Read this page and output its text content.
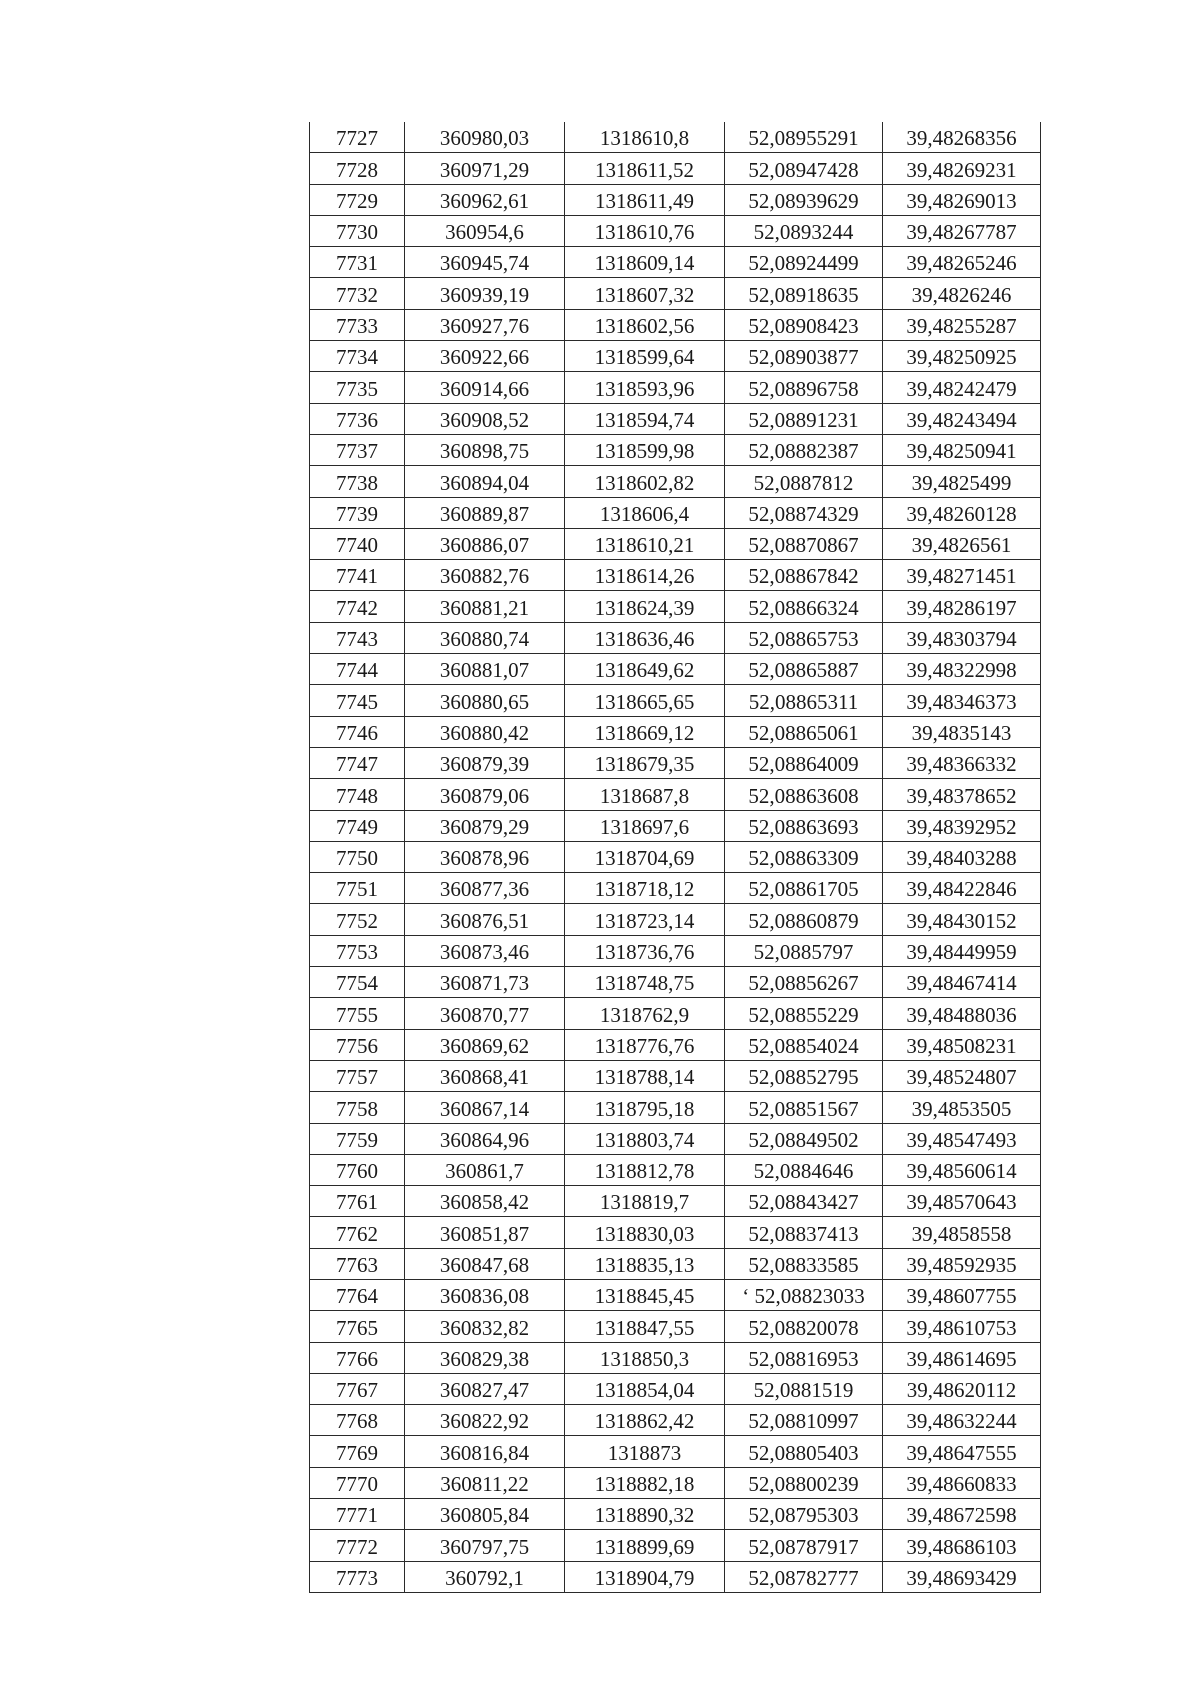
7727	360980,03	1318610,8	52,08955291	39,48268356
7728	360971,29	1318611,52	52,08947428	39,48269231
7729	360962,61	1318611,49	52,08939629	39,48269013
7730	360954,6	1318610,76	52,0893244	39,48267787
7731	360945,74	1318609,14	52,08924499	39,48265246
7732	360939,19	1318607,32	52,08918635	39,4826246
7733	360927,76	1318602,56	52,08908423	39,48255287
7734	360922,66	1318599,64	52,08903877	39,48250925
7735	360914,66	1318593,96	52,08896758	39,48242479
7736	360908,52	1318594,74	52,08891231	39,48243494
7737	360898,75	1318599,98	52,08882387	39,48250941
7738	360894,04	1318602,82	52,0887812	39,4825499
7739	360889,87	1318606,4	52,08874329	39,48260128
7740	360886,07	1318610,21	52,08870867	39,4826561
7741	360882,76	1318614,26	52,08867842	39,48271451
7742	360881,21	1318624,39	52,08866324	39,48286197
7743	360880,74	1318636,46	52,08865753	39,48303794
7744	360881,07	1318649,62	52,08865887	39,48322998
7745	360880,65	1318665,65	52,08865311	39,48346373
7746	360880,42	1318669,12	52,08865061	39,4835143
7747	360879,39	1318679,35	52,08864009	39,48366332
7748	360879,06	1318687,8	52,08863608	39,48378652
7749	360879,29	1318697,6	52,08863693	39,48392952
7750	360878,96	1318704,69	52,08863309	39,48403288
7751	360877,36	1318718,12	52,08861705	39,48422846
7752	360876,51	1318723,14	52,08860879	39,48430152
7753	360873,46	1318736,76	52,0885797	39,48449959
7754	360871,73	1318748,75	52,08856267	39,48467414
7755	360870,77	1318762,9	52,08855229	39,48488036
7756	360869,62	1318776,76	52,08854024	39,48508231
7757	360868,41	1318788,14	52,08852795	39,48524807
7758	360867,14	1318795,18	52,08851567	39,4853505
7759	360864,96	1318803,74	52,08849502	39,48547493
7760	360861,7	1318812,78	52,0884646	39,48560614
7761	360858,42	1318819,7	52,08843427	39,48570643
7762	360851,87	1318830,03	52,08837413	39,4858558
7763	360847,68	1318835,13	52,08833585	39,48592935
7764	360836,08	1318845,45	‘ 52,08823033	39,48607755
7765	360832,82	1318847,55	52,08820078	39,48610753
7766	360829,38	1318850,3	52,08816953	39,48614695
7767	360827,47	1318854,04	52,0881519	39,48620112
7768	360822,92	1318862,42	52,08810997	39,48632244
7769	360816,84	1318873	52,08805403	39,48647555
7770	360811,22	1318882,18	52,08800239	39,48660833
7771	360805,84	1318890,32	52,08795303	39,48672598
7772	360797,75	1318899,69	52,08787917	39,48686103
7773	360792,1	1318904,79	52,08782777	39,48693429
